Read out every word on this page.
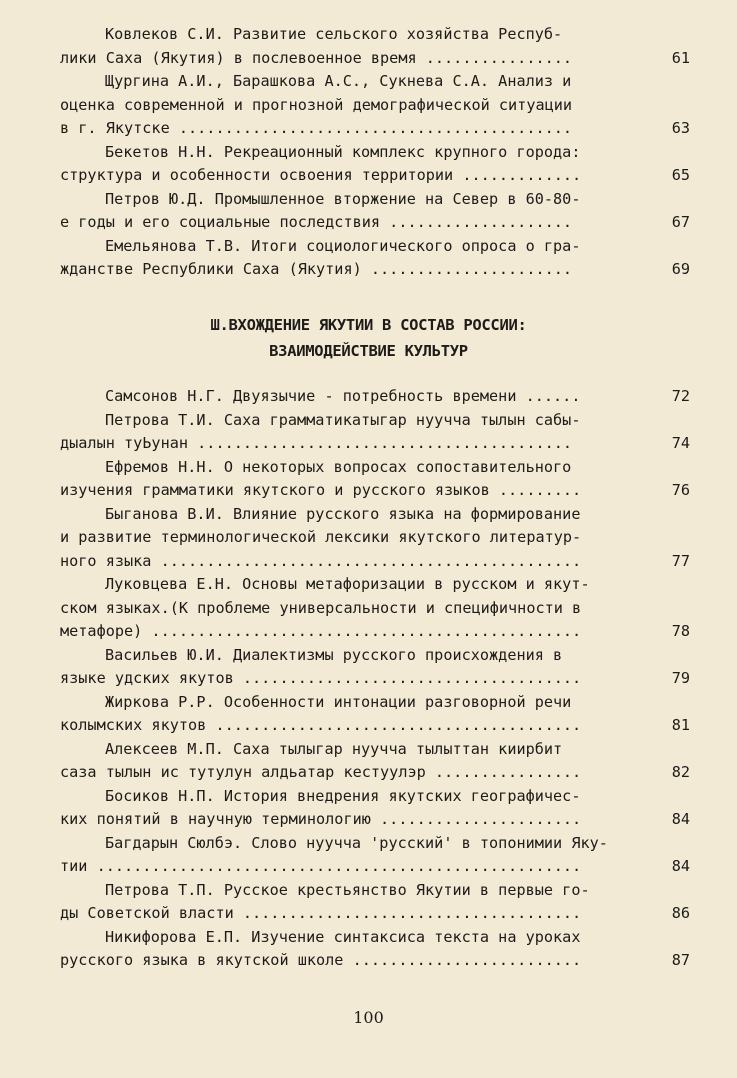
Ковлеков С.И. Развитие сельского хозяйства Респуб-
лики Саха (Якутия) в послевоенное время ................	61
Щургина А.И., Барашкова А.С., Сукнева С.А. Анализ и
оценка современной и прогнозной демографической ситуации
в г. Якутске ...........................................	63
Бекетов Н.Н. Рекреационный комплекс крупного города:
структура и особенности освоения территории .............	65
Петров Ю.Д. Промышленное вторжение на Север в 60-80-
е годы и его социальные последствия ....................	67
Емельянова Т.В. Итоги социологического опроса о гра-
жданстве Республики Саха (Якутия) ......................	69
Ш.ВХОЖДЕНИЕ ЯКУТИИ В СОСТАВ РОССИИ:
ВЗАИМОДЕЙСТВИЕ КУЛЬТУР
Самсонов Н.Г. Двуязычие - потребность времени ......	72
Петрова Т.И. Саха грамматикатыгар нуучча тылын сабы-
дыалын туЬунан .........................................	74
Ефремов Н.Н. О некоторых вопросах сопоставительного
изучения грамматики якутского и русского языков .........	76
Быганова В.И. Влияние русского языка на формирование
и развитие терминологической лексики якутского литератур-
ного языка ..............................................	77
Луковцева Е.Н. Основы метафоризации в русском и якут-
ском языках.(К проблеме универсальности и специфичности в
метафоре) ...............................................	78
Васильев Ю.И. Диалектизмы русского происхождения в
языке удских якутов .....................................	79
Жиркова Р.Р. Особенности интонации разговорной речи
колымских якутов ........................................	81
Алексеев М.П. Саха тылыгар нуучча тылыттан киирбит
саза тылын ис тутулун алдьатар кестуулэр ................	82
Босиков Н.П. История внедрения якутских географичес-
ких понятий в научную терминологию ......................	84
Багдарын Сюлбэ. Слово нуучча 'русский' в топонимии Яку-
тии .....................................................	84
Петрова Т.П. Русское крестьянство Якутии в первые го-
ды Советской власти .....................................	86
Никифорова Е.П. Изучение синтаксиса текста на уроках
русского языка в якутской школе .........................	87
100
